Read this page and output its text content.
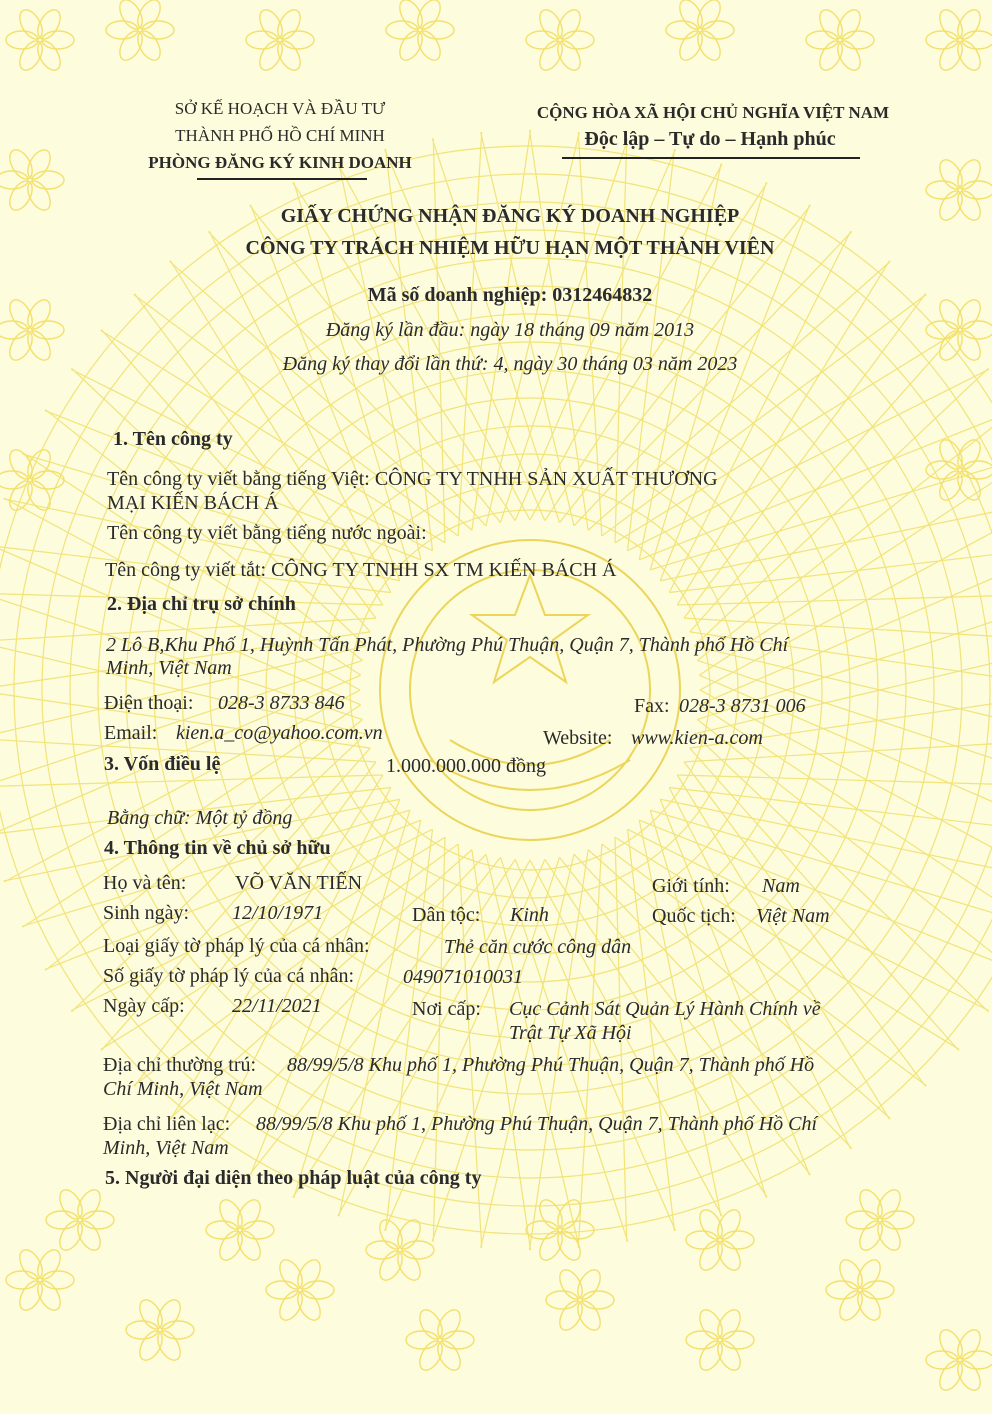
SỞ KẾ HOẠCH VÀ ĐẦU TƯ
THÀNH PHỐ HỒ CHÍ MINH
PHÒNG ĐĂNG KÝ KINH DOANH
CỘNG HÒA XÃ HỘI CHỦ NGHĨA VIỆT NAM
Độc lập – Tự do – Hạnh phúc
GIẤY CHỨNG NHẬN ĐĂNG KÝ DOANH NGHIỆP
CÔNG TY TRÁCH NHIỆM HỮU HẠN MỘT THÀNH VIÊN
Mã số doanh nghiệp: 0312464832
Đăng ký lần đầu: ngày 18 tháng 09 năm 2013
Đăng ký thay đổi lần thứ: 4, ngày 30 tháng 03 năm 2023
1. Tên công ty
Tên công ty viết bằng tiếng Việt: CÔNG TY TNHH SẢN XUẤT THƯƠNG
MẠI KIẾN BÁCH Á
Tên công ty viết bằng tiếng nước ngoài:
Tên công ty viết tắt: CÔNG TY TNHH SX TM KIẾN BÁCH Á
2. Địa chỉ trụ sở chính
2 Lô B,Khu Phố 1, Huỳnh Tấn Phát, Phường Phú Thuận, Quận 7, Thành phố Hồ Chí
Minh, Việt Nam
Điện thoại: 028-3 8733 846	Fax: 028-3 8731 006
Email: kien.a_co@yahoo.com.vn	Website: www.kien-a.com
3. Vốn điều lệ	1.000.000.000 đồng
Bằng chữ: Một tỷ đồng
4. Thông tin về chủ sở hữu
Họ và tên: VÕ VĂN TIẾN	Giới tính: Nam
Sinh ngày: 12/10/1971	Dân tộc: Kinh	Quốc tịch: Việt Nam
Loại giấy tờ pháp lý của cá nhân:	Thẻ căn cước công dân
Số giấy tờ pháp lý của cá nhân: 049071010031
Ngày cấp: 22/11/2021	Nơi cấp: Cục Cảnh Sát Quản Lý Hành Chính về
Trật Tự Xã Hội
Địa chỉ thường trú: 88/99/5/8 Khu phố 1, Phường Phú Thuận, Quận 7, Thành phố Hồ
Chí Minh, Việt Nam
Địa chỉ liên lạc: 88/99/5/8 Khu phố 1, Phường Phú Thuận, Quận 7, Thành phố Hồ Chí
Minh, Việt Nam
5. Người đại diện theo pháp luật của công ty
